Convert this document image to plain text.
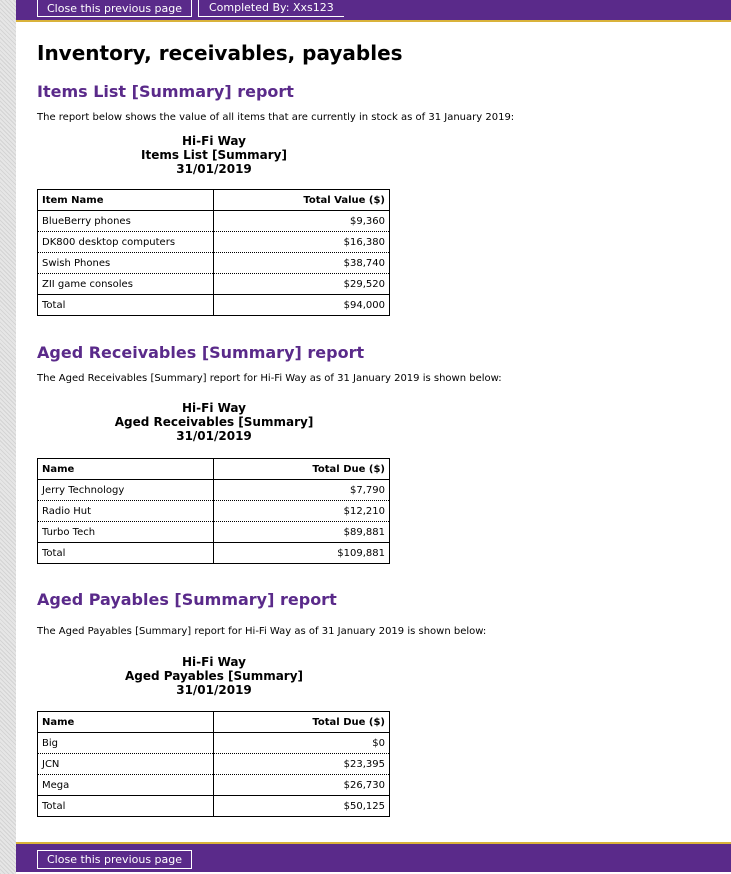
Close this previous page	Completed By: Xxs123
Inventory, receivables, payables
Items List [Summary] report

The report below shows the value of all items that are currently in stock as of 31 January 2019:

Hi-Fi Way
Items List [Summary]
31/01/2019
Item Name	Total Value ($)
BlueBerry phones	$9,360
DK800 desktop computers	$16,380
Swish Phones	$38,740
ZII game consoles	$29,520
Total	$94,000
Aged Receivables [Summary] report

The Aged Receivables [Summary] report for Hi-Fi Way as of 31 January 2019 is shown below:

Hi-Fi Way
Aged Receivables [Summary]
31/01/2019
Name	Total Due ($)
Jerry Technology	$7,790
Radio Hut	$12,210
Turbo Tech	$89,881
Total	$109,881
Aged Payables [Summary] report

The Aged Payables [Summary] report for Hi-Fi Way as of 31 January 2019 is shown below:

Hi-Fi Way
Aged Payables [Summary]
31/01/2019
Name	Total Due ($)
Big	$0
JCN	$23,395
Mega	$26,730
Total	$50,125
Close this previous page
